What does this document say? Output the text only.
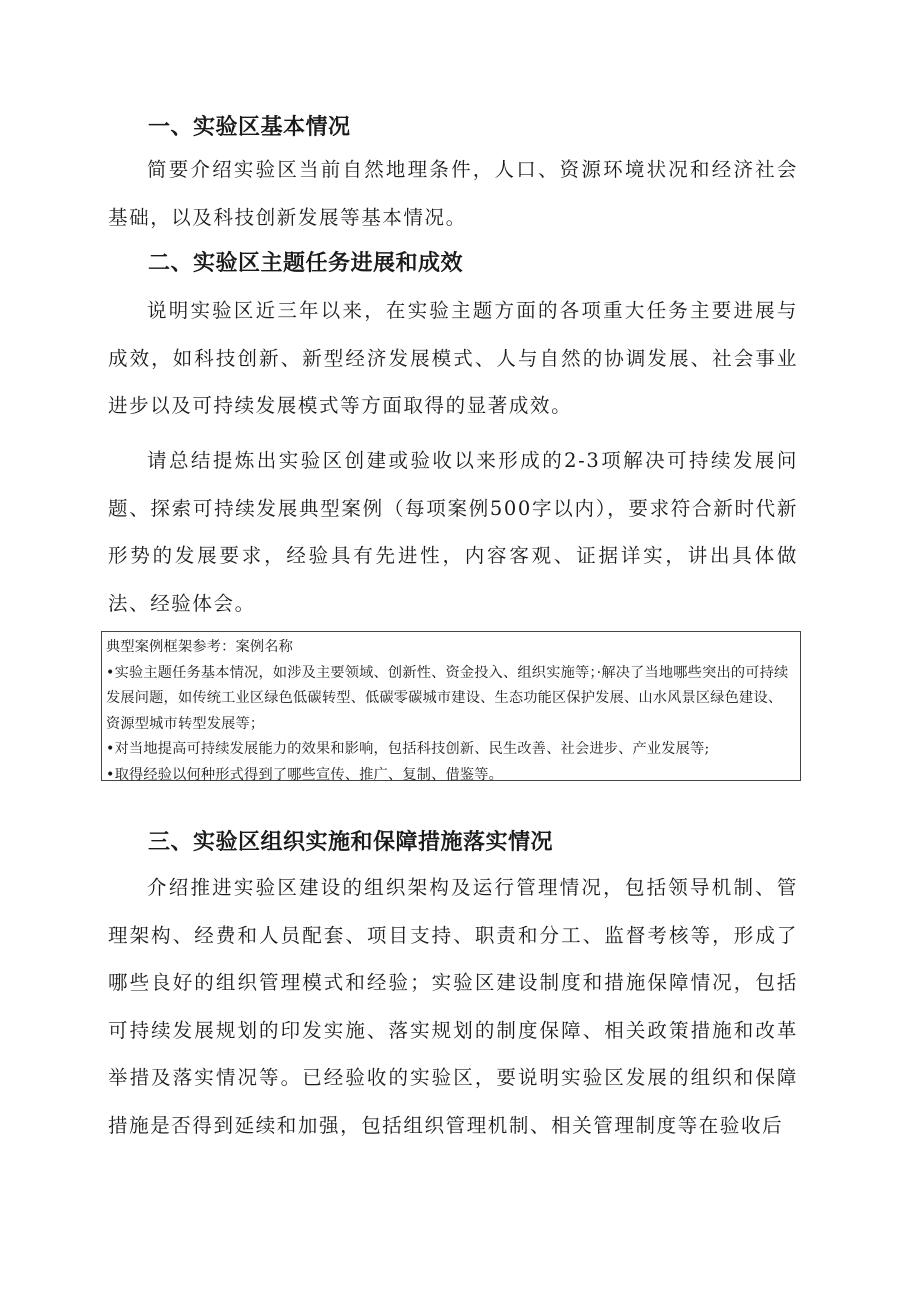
一、实验区基本情况

简要介绍实验区当前自然地理条件，人口、资源环境状况和经济社会基础，以及科技创新发展等基本情况。

二、实验区主题任务进展和成效

说明实验区近三年以来，在实验主题方面的各项重大任务主要进展与成效，如科技创新、新型经济发展模式、人与自然的协调发展、社会事业进步以及可持续发展模式等方面取得的显著成效。

请总结提炼出实验区创建或验收以来形成的2-3项解决可持续发展问题、探索可持续发展典型案例（每项案例500字以内），要求符合新时代新形势的发展要求，经验具有先进性，内容客观、证据详实，讲出具体做法、经验体会。

典型案例框架参考：案例名称

•实验主题任务基本情况，如涉及主要领域、创新性、资金投入、组织实施等；·解决了当地哪些突出的可持续发展问题，如传统工业区绿色低碳转型、低碳零碳城市建设、生态功能区保护发展、山水风景区绿色建设、资源型城市转型发展等；

•对当地提高可持续发展能力的效果和影响，包括科技创新、民生改善、社会进步、产业发展等;

•取得经验以何种形式得到了哪些宣传、推广、复制、借鉴等。

三、实验区组织实施和保障措施落实情况

介绍推进实验区建设的组织架构及运行管理情况，包括领导机制、管理架构、经费和人员配套、项目支持、职责和分工、监督考核等，形成了哪些良好的组织管理模式和经验；实验区建设制度和措施保障情况，包括可持续发展规划的印发实施、落实规划的制度保障、相关政策措施和改革举措及落实情况等。已经验收的实验区，要说明实验区发展的组织和保障措施是否得到延续和加强，包括组织管理机制、相关管理制度等在验收后
